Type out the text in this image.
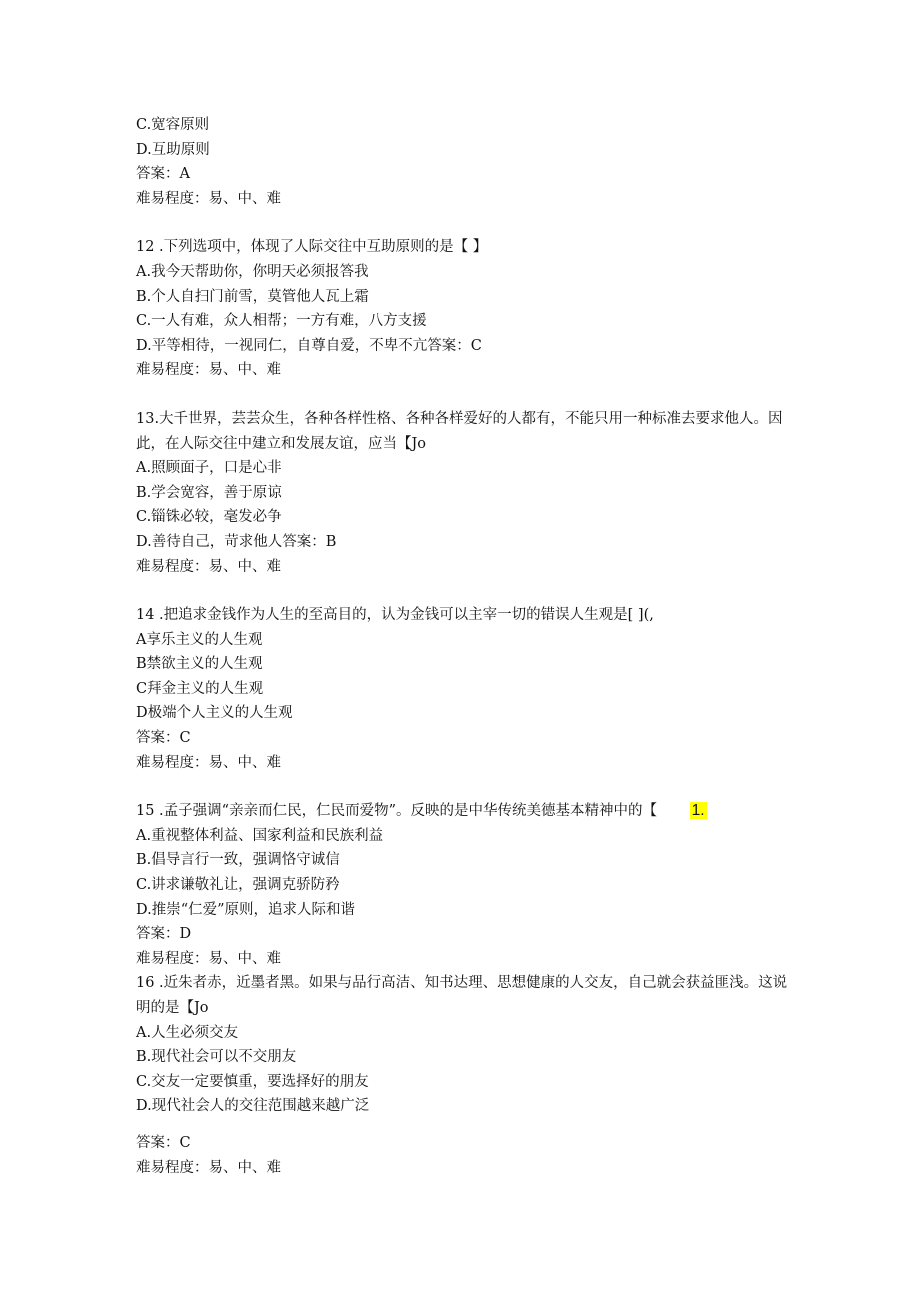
C.宽容原则
D.互助原则
答案：A
难易程度：易、中、难
12 .下列选项中，体现了人际交往中互助原则的是【 】
A.我今天帮助你，你明天必须报答我
B.个人自扫门前雪，莫管他人瓦上霜
C.一人有难，众人相帮；一方有难，八方支援
D.平等相待，一视同仁，自尊自爱，不卑不亢答案：C
难易程度：易、中、难
13.大千世界，芸芸众生，各种各样性格、各种各样爱好的人都有，不能只用一种标准去要求他人。因此，在人际交往中建立和发展友谊，应当【Jo
A.照顾面子，口是心非
B.学会宽容，善于原谅
C.锱铢必较，毫发必争
D.善待自己，苛求他人答案：B
难易程度：易、中、难
14 .把追求金钱作为人生的至高目的，认为金钱可以主宰一切的错误人生观是[ ](,
A享乐主义的人生观
B禁欲主义的人生观
C拜金主义的人生观
D极端个人主义的人生观
答案：C
难易程度：易、中、难
15 .孟子强调“亲亲而仁民，仁民而爱物”。反映的是中华传统美德基本精神中的【 1.
A.重视整体利益、国家利益和民族利益
B.倡导言行一致，强调恪守诚信
C.讲求谦敬礼让，强调克骄防矜
D.推崇“仁爱”原则，追求人际和谐
答案：D
难易程度：易、中、难
16 .近朱者赤，近墨者黑。如果与品行高洁、知书达理、思想健康的人交友，自己就会获益匪浅。这说明的是【Jo
A.人生必须交友
B.现代社会可以不交朋友
C.交友一定要慎重，要选择好的朋友
D.现代社会人的交往范围越来越广泛
答案：C
难易程度：易、中、难
